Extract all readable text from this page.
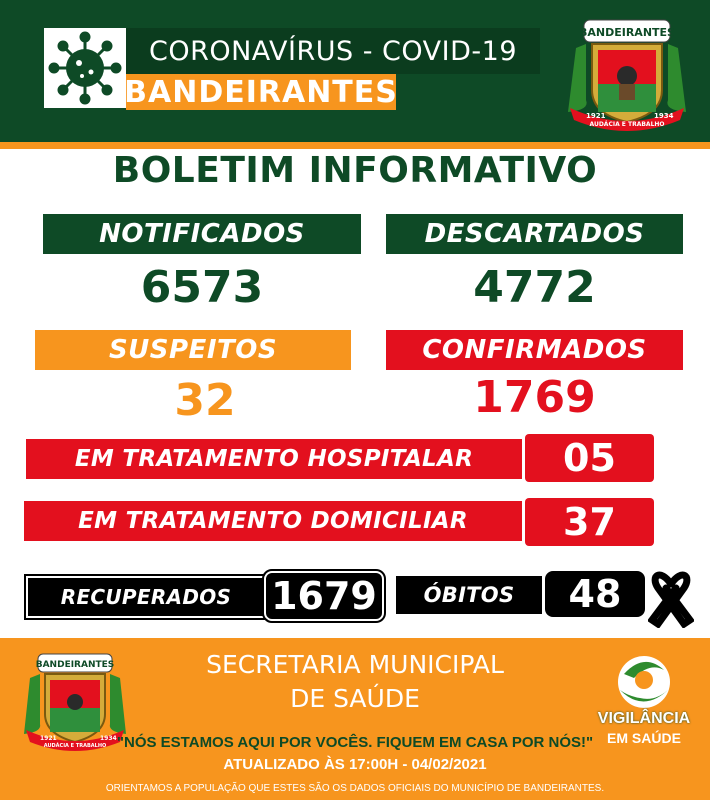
CORONAVÍRUS - COVID-19
BANDEIRANTES
BANDEIRANTES
1921
AUDÁCIA E TRABALHO
1934
BOLETIM INFORMATIVO
NOTIFICADOS	DESCARTADOS
6573	4772
SUSPEITOS	CONFIRMADOS
32	1769
EM TRATAMENTO HOSPITALAR	05
EM TRATAMENTO DOMICILIAR	37
RECUPERADOS	1679	ÓBITOS	48
BANDEIRANTES
1921
AUDÁCIA E TRABALHO
1934
SECRETARIA MUNICIPAL
DE SAÚDE
"NÓS ESTAMOS AQUI POR VOCÊS. FIQUEM EM CASA POR NÓS!"
ATUALIZADO ÀS 17:00H - 04/02/2021
ORIENTAMOS A POPULAÇÃO QUE ESTES SÃO OS DADOS OFICIAIS DO MUNICÍPIO DE BANDEIRANTES.
VIGILÂNCIA
EM SAÚDE
